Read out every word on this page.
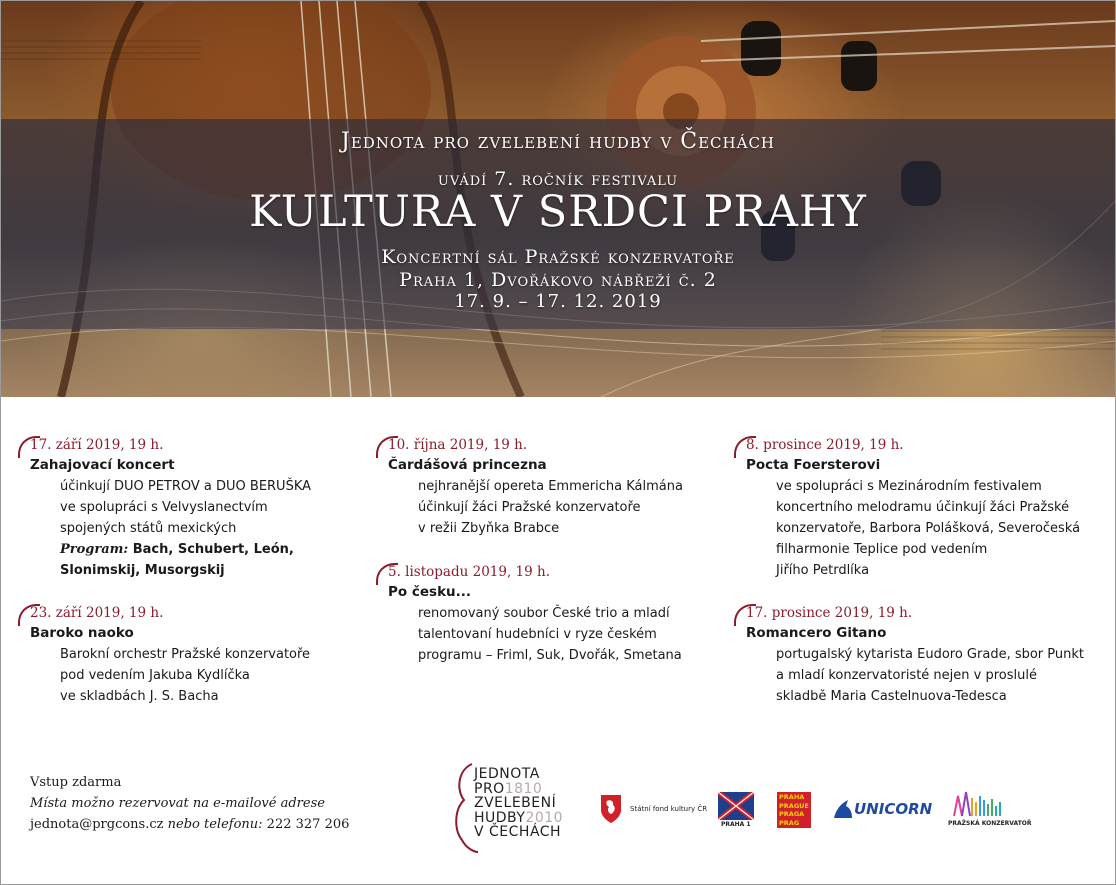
Jednota pro zvelebení hudby v Čechách
uvádí 7. ročník festivalu
KULTURA V SRDCI PRAHY
Koncertní sál Pražské konzervatoře
Praha 1, Dvořákovo nábřeží č. 2
17. 9. – 17. 12. 2019
17. září 2019, 19 h.
Zahajovací koncert
účinkují DUO PETROV a DUO BERUŠKA
ve spolupráci s Velvyslanectvím
spojených států mexických
Program: Bach, Schubert, León,
Slonimskij, Musorgskij
23. září 2019, 19 h.
Baroko naoko
Barokní orchestr Pražské konzervatoře
pod vedením Jakuba Kydlíčka
ve skladbách J. S. Bacha
10. října 2019, 19 h.
Čardášová princezna
nejhranější opereta Emmericha Kálmána
účinkují žáci Pražské konzervatoře
v režii Zbyňka Brabce
5. listopadu 2019, 19 h.
Po česku...
renomovaný soubor České trio a mladí
talentovaní hudebníci v ryze českém
programu – Friml, Suk, Dvořák, Smetana
8. prosince 2019, 19 h.
Pocta Foersterovi
ve spolupráci s Mezinárodním festivalem
koncertního melodramu účinkují žáci Pražské
konzervatoře, Barbora Polášková, Severočeská
filharmonie Teplice pod vedením
Jiřího Petrdlíka
17. prosince 2019, 19 h.
Romancero Gitano
portugalský kytarista Eudoro Grade, sbor Punkt
a mladí konzervatoristé nejen v proslulé
skladbě Maria Castelnuova-Tedesca
Vstup zdarma
Místa možno rezervovat na e-mailové adrese
jednota@prgcons.cz nebo telefonu: 222 327 206
JEDNOTA
PRO1810
ZVELEBENÍ
HUDBY2010
V ČECHÁCH
Státní fond kultury ČR
PRAHA 1
PRAHA
PRAGUE
PRAGA
PRAG
UNICORN
PRAŽSKÁ KONZERVATOŘ
